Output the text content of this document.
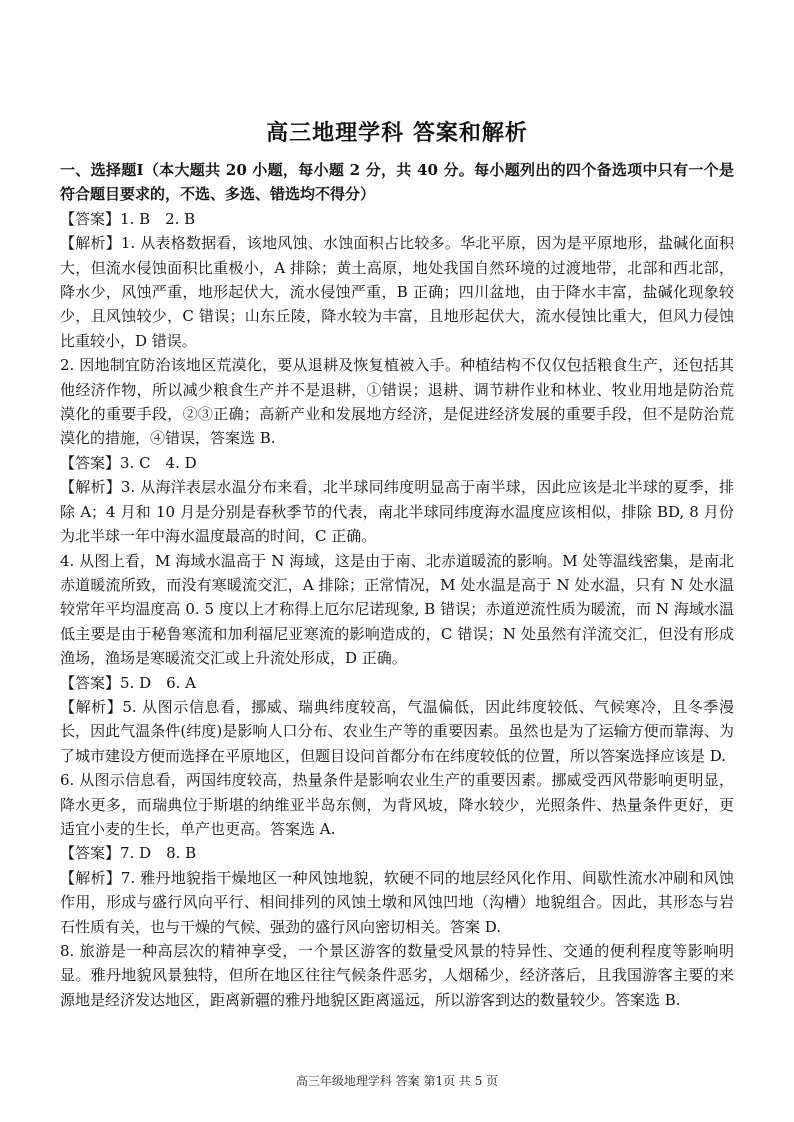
高三地理学科 答案和解析

一、选择题Ⅰ（本大题共 20 小题，每小题 2 分，共 40 分。每小题列出的四个备选项中只有一个是符合题目要求的，不选、多选、错选均不得分）

【答案】1. B　2. B

【解析】1. 从表格数据看，该地风蚀、水蚀面积占比较多。华北平原，因为是平原地形，盐碱化面积大，但流水侵蚀面积比重极小，A 排除；黄土高原，地处我国自然环境的过渡地带，北部和西北部，降水少，风蚀严重，地形起伏大，流水侵蚀严重，B 正确；四川盆地，由于降水丰富，盐碱化现象较少，且风蚀较少，C 错误；山东丘陵，降水较为丰富，且地形起伏大，流水侵蚀比重大，但风力侵蚀比重较小，D 错误。

2. 因地制宜防治该地区荒漠化，要从退耕及恢复植被入手。种植结构不仅仅包括粮食生产，还包括其他经济作物，所以减少粮食生产并不是退耕，①错误；退耕、调节耕作业和林业、牧业用地是防治荒漠化的重要手段，②③正确；高新产业和发展地方经济，是促进经济发展的重要手段，但不是防治荒漠化的措施，④错误，答案选 B.

【答案】3. C　4. D

【解析】3. 从海洋表层水温分布来看，北半球同纬度明显高于南半球，因此应该是北半球的夏季，排除 A；4 月和 10 月是分别是春秋季节的代表，南北半球同纬度海水温度应该相似，排除 BD, 8 月份为北半球一年中海水温度最高的时间，C 正确。

4. 从图上看，M 海域水温高于 N 海域，这是由于南、北赤道暖流的影响。M 处等温线密集，是南北赤道暖流所致，而没有寒暖流交汇，A 排除；正常情况，M 处水温是高于 N 处水温，只有 N 处水温较常年平均温度高 0. 5 度以上才称得上厄尔尼诺现象, B 错误；赤道逆流性质为暖流，而 N 海域水温低主要是由于秘鲁寒流和加利福尼亚寒流的影响造成的，C 错误；N 处虽然有洋流交汇，但没有形成渔场，渔场是寒暖流交汇或上升流处形成，D 正确。

【答案】5. D　6. A

【解析】5. 从图示信息看，挪威、瑞典纬度较高，气温偏低，因此纬度较低、气候寒冷，且冬季漫长，因此气温条件(纬度)是影响人口分布、农业生产等的重要因素。虽然也是为了运输方便而靠海、为了城市建设方便而选择在平原地区，但题目设问首都分布在纬度较低的位置，所以答案选择应该是 D.

6. 从图示信息看，两国纬度较高，热量条件是影响农业生产的重要因素。挪威受西风带影响更明显，降水更多，而瑞典位于斯堪的纳维亚半岛东侧，为背风坡，降水较少，光照条件、热量条件更好，更适宜小麦的生长，单产也更高。答案选 A.

【答案】7. D　8. B

【解析】7. 雅丹地貌指干燥地区一种风蚀地貌，软硬不同的地层经风化作用、间歇性流水冲刷和风蚀作用，形成与盛行风向平行、相间排列的风蚀土墩和风蚀凹地（沟槽）地貌组合。因此，其形态与岩石性质有关，也与干燥的气候、强劲的盛行风向密切相关。答案 D.

8. 旅游是一种高层次的精神享受，一个景区游客的数量受风景的特异性、交通的便利程度等影响明显。雅丹地貌风景独特，但所在地区往往气候条件恶劣，人烟稀少，经济落后，且我国游客主要的来源地是经济发达地区，距离新疆的雅丹地貌区距离遥远，所以游客到达的数量较少。答案选 B.

高三年级地理学科 答案 第1页 共 5 页
